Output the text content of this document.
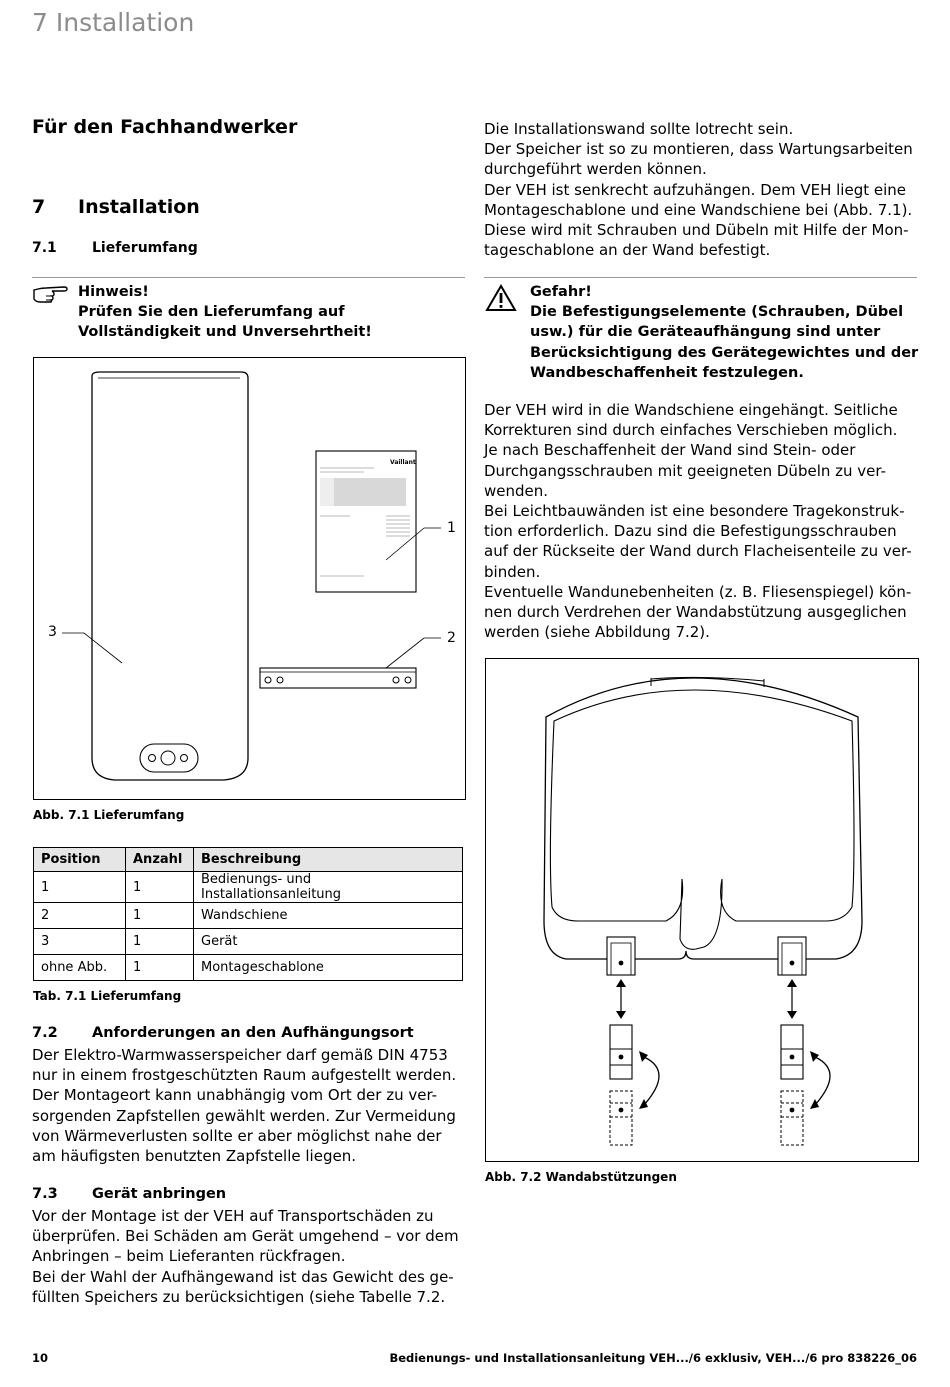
7 Installation
Für den Fachhandwerker
7 Installation
7.1	Lieferumfang
Hinweis!
Prüfen Sie den Lieferumfang auf Vollständigkeit und Unversehrtheit!
Vaillant
1
2
3
Abb. 7.1 Lieferumfang
Position	Anzahl	Beschreibung
1	1	Bedienungs- und Installationsanleitung
2	1	Wandschiene
3	1	Gerät
ohne Abb.	1	Montageschablone
Tab. 7.1 Lieferumfang
7.2 Anforderungen an den Aufhängungsort
Der Elektro-Warmwasserspeicher darf gemäß DIN 4753
nur in einem frostgeschützten Raum aufgestellt werden.
Der Montageort kann unabhängig vom Ort der zu ver-
sorgenden Zapfstellen gewählt werden. Zur Vermeidung
von Wärmeverlusten sollte er aber möglichst nahe der
am häufigsten benutzten Zapfstelle liegen.
7.3 Gerät anbringen
Vor der Montage ist der VEH auf Transportschäden zu
überprüfen. Bei Schäden am Gerät umgehend – vor dem
Anbringen – beim Lieferanten rückfragen.
Bei der Wahl der Aufhängewand ist das Gewicht des ge-
füllten Speichers zu berücksichtigen (siehe Tabelle 7.2.
Die Installationswand sollte lotrecht sein.
Der Speicher ist so zu montieren, dass Wartungsarbeiten
durchgeführt werden können.
Der VEH ist senkrecht aufzuhängen. Dem VEH liegt eine
Montageschablone und eine Wandschiene bei (Abb. 7.1).
Diese wird mit Schrauben und Dübeln mit Hilfe der Mon-
tageschablone an der Wand befestigt.
Gefahr!
Die Befestigungselemente (Schrauben, Dübel
usw.) für die Geräteaufhängung sind unter
Berücksichtigung des Gerätegewichtes und der
Wandbeschaffenheit festzulegen.
Der VEH wird in die Wandschiene eingehängt. Seitliche
Korrekturen sind durch einfaches Verschieben möglich.
Je nach Beschaffenheit der Wand sind Stein- oder
Durchgangsschrauben mit geeigneten Dübeln zu ver-
wenden.
Bei Leichtbauwänden ist eine besondere Tragekonstruk-
tion erforderlich. Dazu sind die Befestigungsschrauben
auf der Rückseite der Wand durch Flacheisenteile zu ver-
binden.
Eventuelle Wandunebenheiten (z. B. Fliesenspiegel) kön-
nen durch Verdrehen der Wandabstützung ausgeglichen
werden (siehe Abbildung 7.2).
Abb. 7.2 Wandabstützungen
10	Bedienungs- und Installationsanleitung VEH.../6 exklusiv, VEH.../6 pro 838226_06
